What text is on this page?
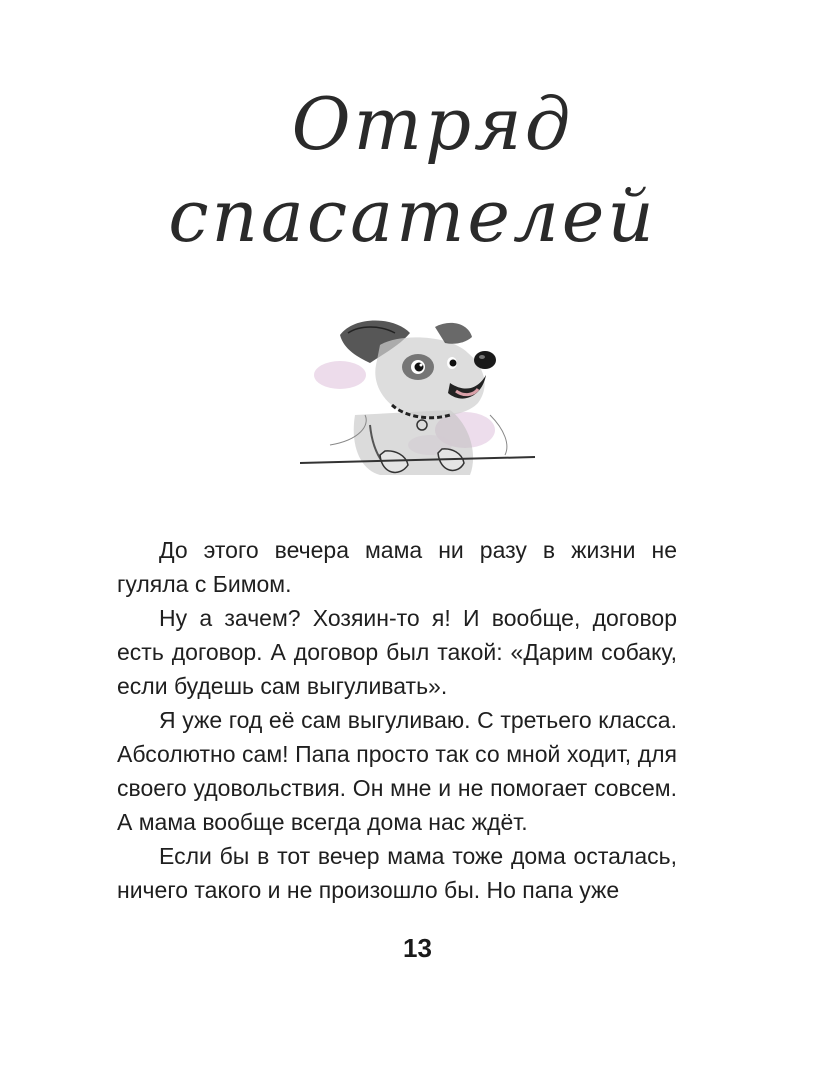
Отряд
спасателей

До этого вечера мама ни разу в жизни не гуляла с Бимом.

Ну а зачем? Хозяин-то я! И вообще, договор есть договор. А договор был такой: «Дарим собаку, если будешь сам выгуливать».

Я уже год её сам выгуливаю. С третьего класса. Абсолютно сам! Папа просто так со мной ходит, для своего удовольствия. Он мне и не помогает совсем. А мама вообще всегда дома нас ждёт.

Если бы в тот вечер мама тоже дома осталась, ничего такого и не произошло бы. Но папа уже

13
